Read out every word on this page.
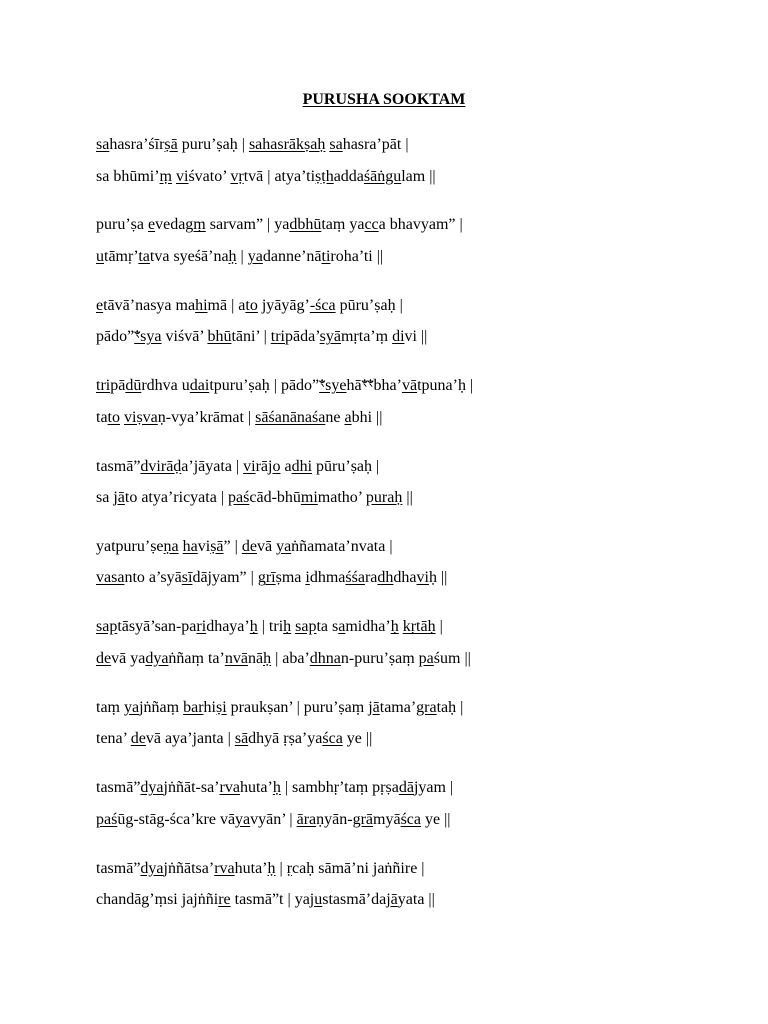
PURUSHA SOOKTAM
sahasra’śīrṣā puru’ṣaḥ | sahasrākṣaḥ sahasra’pāt |
sa bhūmi’ṃ viśvato’ vṛtvā | atya’tiṣṭhaddaśāṅgulam ||
puru’ṣa evedagṃ sarvam” | yadbhūtaṃ yacca bhavyam” |
utāmṛ’tatva syeśā’naḥ | yadanne’nātiroha’ti ||
etāvā’nasya mahimā | ato jyāyāg’-śca pūru’ṣaḥ |
pādo”ꣳsya viśvā’ bhūtāni’ | tripāda’syāmṛta’ṃ divi ||
tripādūrdhva udaitpuru’ṣaḥ | pādo”ꣳsyehāꣳꣳbha’vātpuna’ḥ |
tato viṣvaṇ-vya’krāmat | sāśanānaśane abhi ||
tasmā”dvirāḍa’jāyata | virājo adhi pūru’ṣaḥ |
sa jāto atya’ricyata | paścād-bhūmimatho’ puraḥ ||
yatpuru’ṣeṇa haviṣā” | devā yaṅñamata’nvata |
vasanto a’syāsīdājyam” | grīṣma idhmaśśaradhdhaviḥ ||
saptāsyā’san-paridhaya’ḥ | triḥ sapta samidha’ḥ kṛtāḥ |
devā yadyaṅñaṃ ta’nvānāḥ | aba’dhnan-puru’ṣaṃ paśum ||
taṃ yajṅñaṃ barhiṣi praukṣan’ | puru’ṣaṃ jātama’grataḥ |
tena’ devā aya’janta | sādhyā ṛṣa’yaśca ye ||
tasmā”dyajṅñāt-sa’rvahuta’ḥ | sambhṛ’taṃ pṛṣadājyam |
paśūg-stāg-śca’kre vāyavyān’ | āraṇyān-grāmyāśca ye ||
tasmā”dyajṅñātsa’rvahuta’ḥ | ṛcaḥ sāmā’ni jaṅñire |
chandāg’ṃsi jajṅñire tasmā”t | yajustasmā’dajāyata ||
